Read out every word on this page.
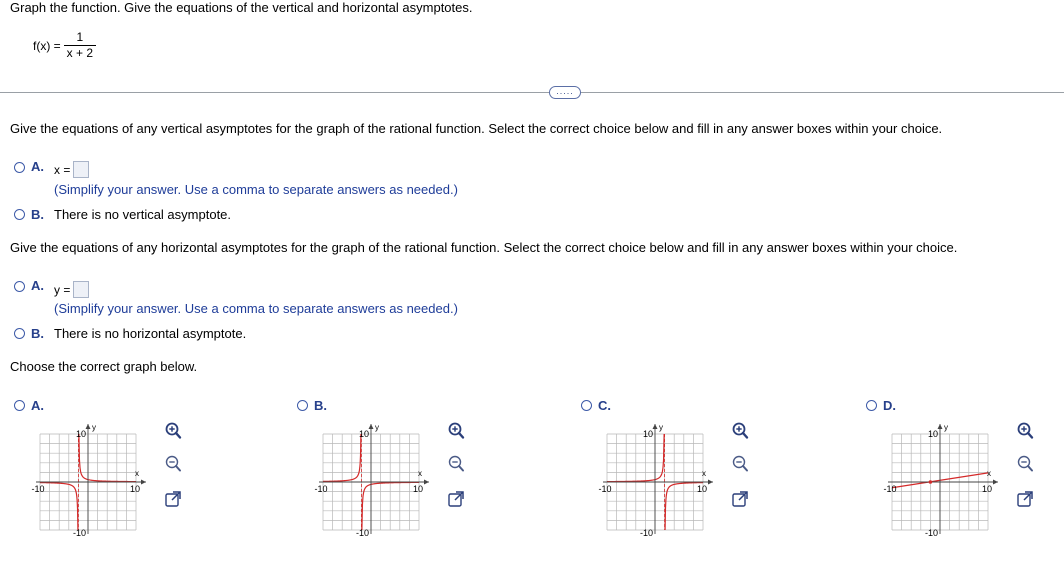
Graph the function. Give the equations of the vertical and horizontal asymptotes.
$f(x) = \frac{1}{x + 2}$
.....
Give the equations of any vertical asymptotes for the graph of the rational function. Select the correct choice below and fill in any answer boxes within your choice.
A. x =
(Simplify your answer. Use a comma to separate answers as needed.)
B. There is no vertical asymptote.
Give the equations of any horizontal asymptotes for the graph of the rational function. Select the correct choice below and fill in any answer boxes within your choice.
A. y =
(Simplify your answer. Use a comma to separate answers as needed.)
B. There is no horizontal asymptote.
Choose the correct graph below.
A.
10
-10
-10	10
x
y
B.
10
-10
-10	10
x
y
C.
10
-10
-10	10
x
y
D.
10
-10
-10	10
x
y
